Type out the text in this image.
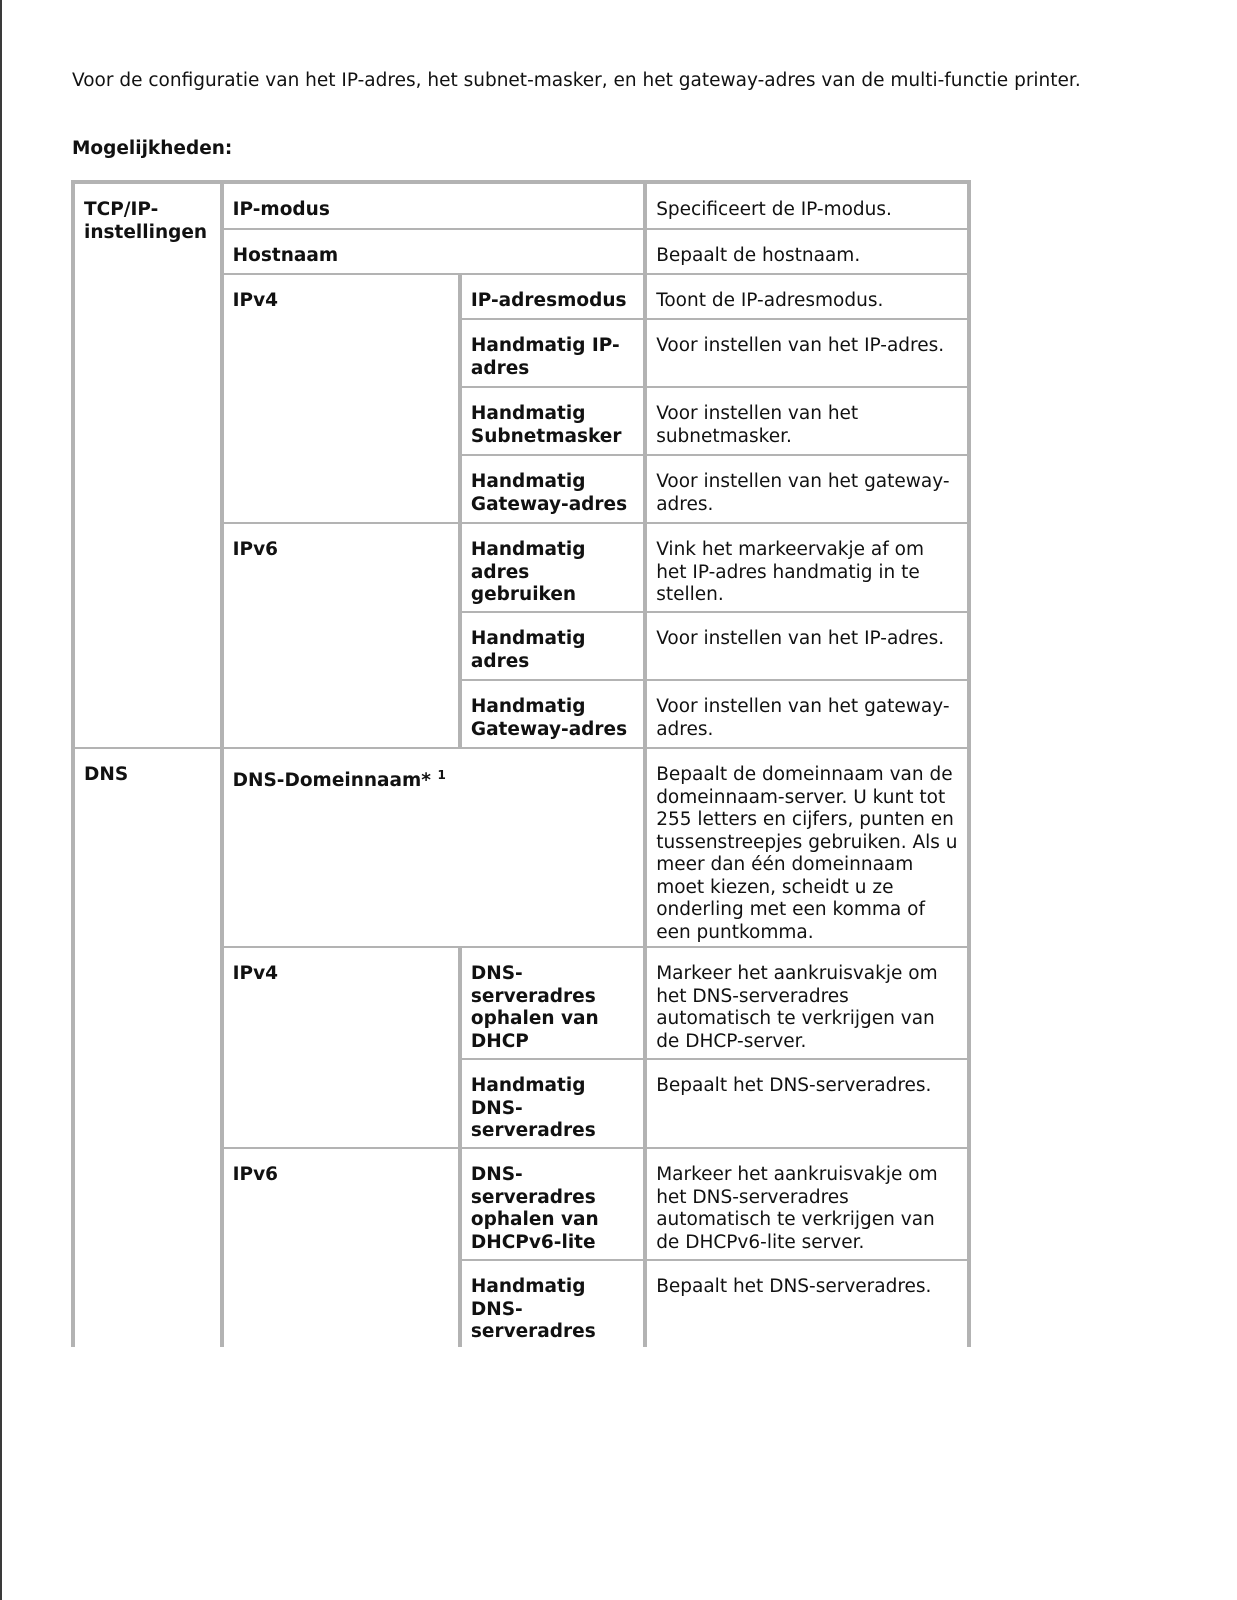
Voor de configuratie van het IP-adres, het subnet-masker, en het gateway-adres van de multi-functie printer.

Mogelijkheden:

TCP/IP-instellingen	IP-modus		Specificeert de IP-modus.
	Hostnaam		Bepaalt de hostnaam.
	IPv4	IP-adresmodus	Toont de IP-adresmodus.
		Handmatig IP-adres	Voor instellen van het IP-adres.
		Handmatig Subnetmasker	Voor instellen van het subnetmasker.
		Handmatig Gateway-adres	Voor instellen van het gateway-adres.
	IPv6	Handmatig adres gebruiken	Vink het markeervakje af om het IP-adres handmatig in te stellen.
		Handmatig adres	Voor instellen van het IP-adres.
		Handmatig Gateway-adres	Voor instellen van het gateway-adres.

DNS	DNS-Domeinnaam* $^1$		Bepaalt de domeinnaam van de domeinnaam-server. U kunt tot 255 letters en cijfers, punten en tussenstreepjes gebruiken. Als u meer dan één domeinnaam moet kiezen, scheidt u ze onderling met een komma of een puntkomma.
	IPv4	DNS-serveradres ophalen van DHCP	Markeer het aankruisvakje om het DNS-serveradres automatisch te verkrijgen van de DHCP-server.
		Handmatig DNS-serveradres	Bepaalt het DNS-serveradres.
	IPv6	DNS-serveradres ophalen van DHCPv6-lite	Markeer het aankruisvakje om het DNS-serveradres automatisch te verkrijgen van de DHCPv6-lite server.
		Handmatig DNS-serveradres	Bepaalt het DNS-serveradres.
